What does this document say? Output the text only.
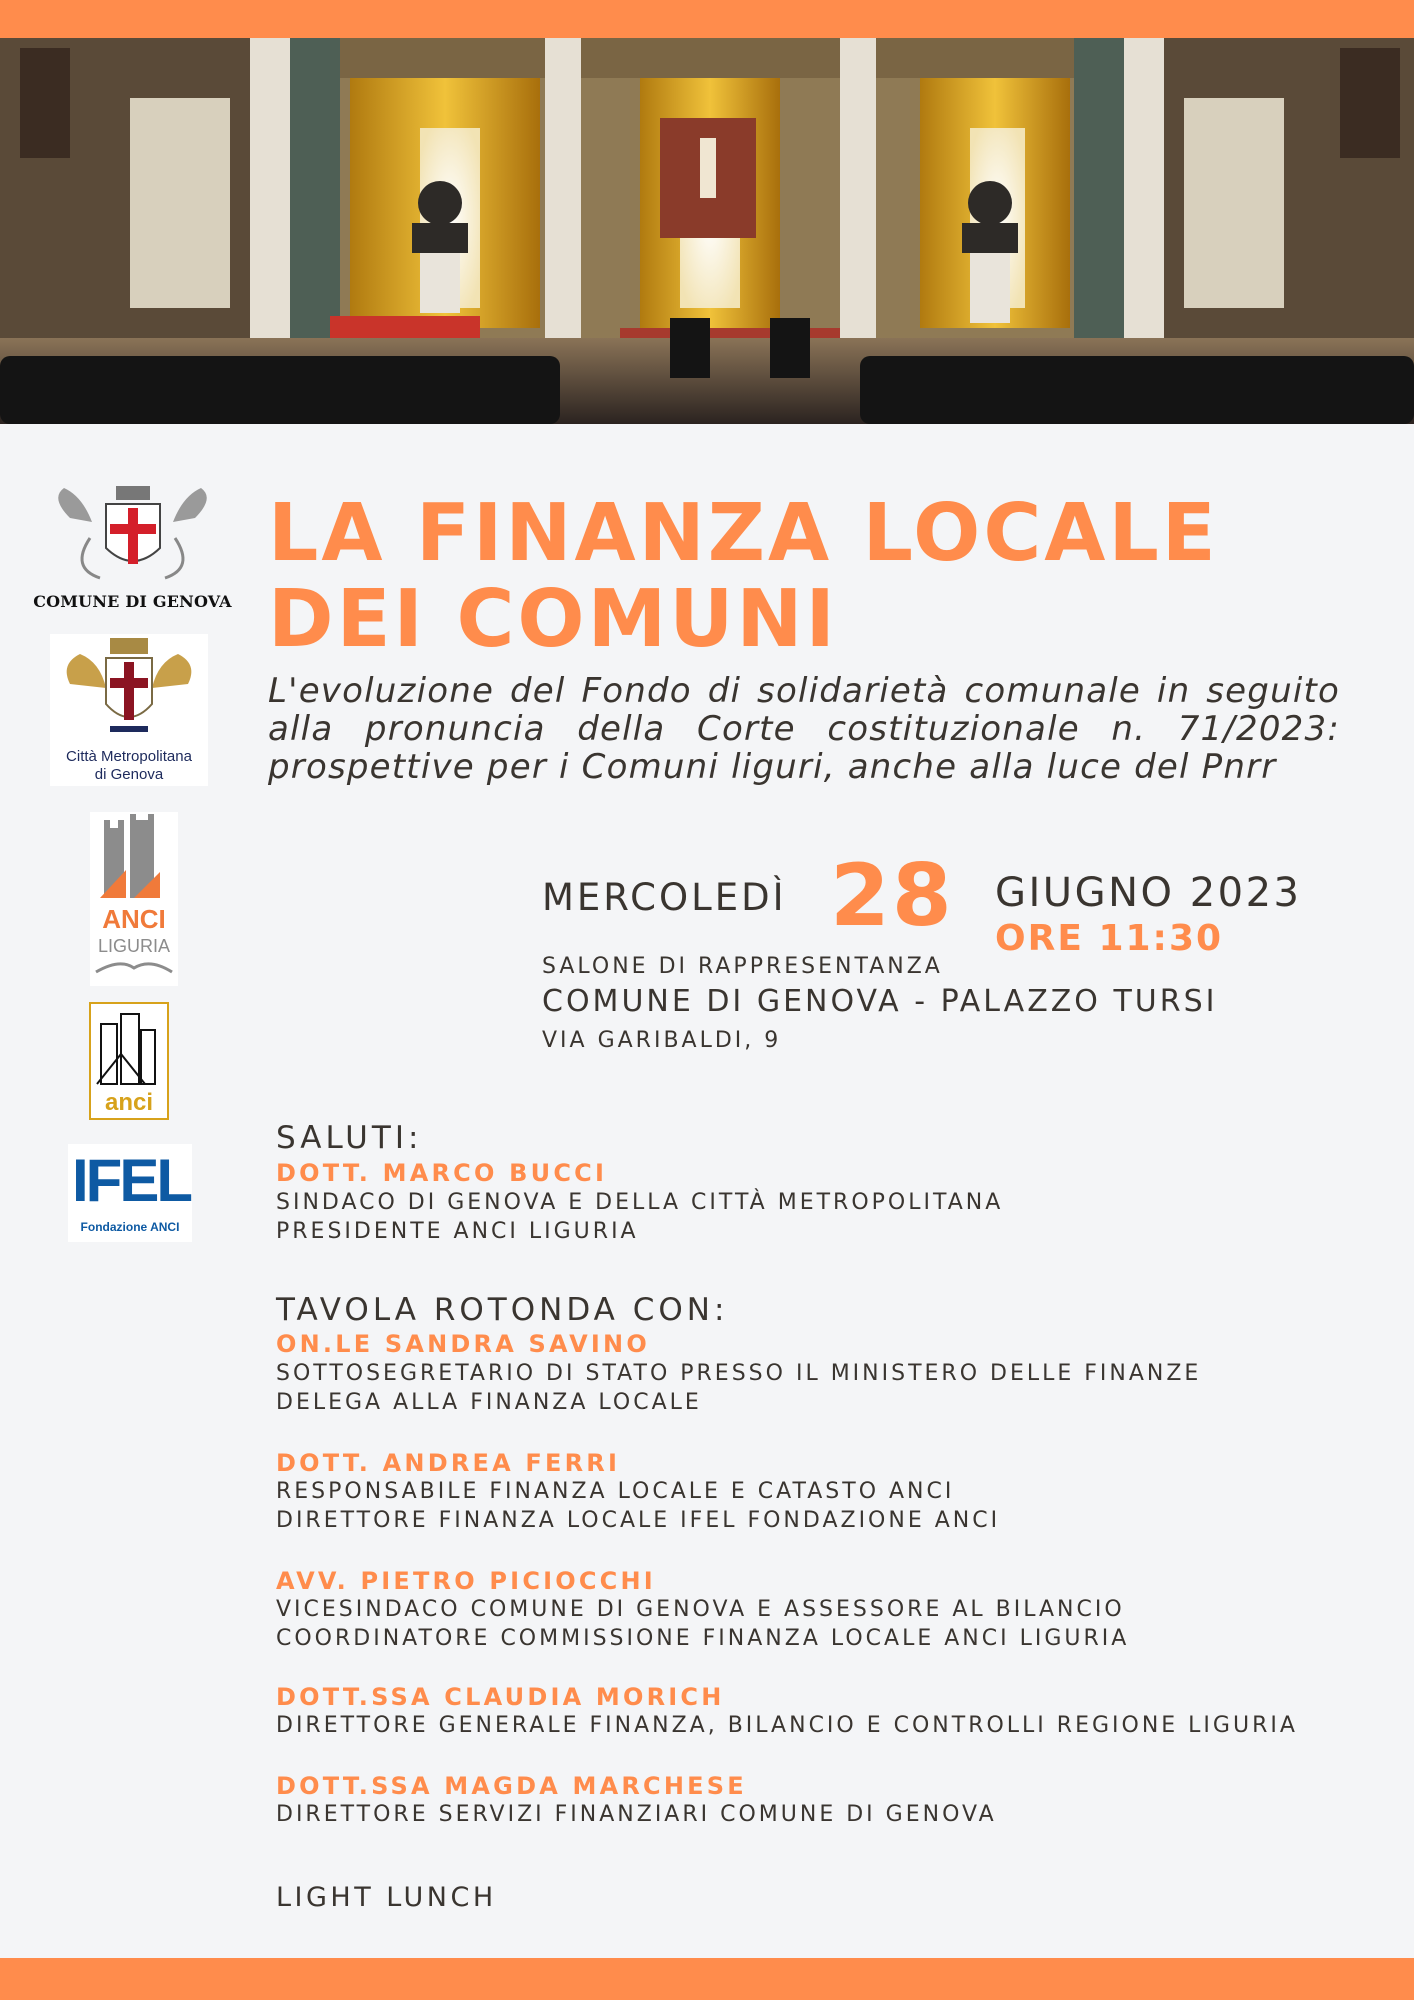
COMUNE DI GENOVA
Città Metropolitana
di Genova
ANCI
LIGURIA
anci
IFEL
Fondazione ANCI
LA FINANZA LOCALE
DEI COMUNI

L'evoluzione del Fondo di solidarietà comunale in seguito alla pronuncia della Corte costituzionale n. 71/2023: prospettive per i Comuni liguri, anche alla luce del Pnrr

MERCOLEDÌ 28 GIUGNO 2023
ORE 11:30
SALONE DI RAPPRESENTANZA
COMUNE DI GENOVA - PALAZZO TURSI
VIA GARIBALDI, 9
SALUTI:
DOTT. MARCO BUCCI
SINDACO DI GENOVA E DELLA CITTÀ METROPOLITANA
PRESIDENTE ANCI LIGURIA
TAVOLA ROTONDA CON:
ON.LE SANDRA SAVINO
SOTTOSEGRETARIO DI STATO PRESSO IL MINISTERO DELLE FINANZE
DELEGA ALLA FINANZA LOCALE
DOTT. ANDREA FERRI
RESPONSABILE FINANZA LOCALE E CATASTO ANCI
DIRETTORE FINANZA LOCALE IFEL FONDAZIONE ANCI
AVV. PIETRO PICIOCCHI
VICESINDACO COMUNE DI GENOVA E ASSESSORE AL BILANCIO
COORDINATORE COMMISSIONE FINANZA LOCALE ANCI LIGURIA
DOTT.SSA CLAUDIA MORICH
DIRETTORE GENERALE FINANZA, BILANCIO E CONTROLLI REGIONE LIGURIA
DOTT.SSA MAGDA MARCHESE
DIRETTORE SERVIZI FINANZIARI COMUNE DI GENOVA
LIGHT LUNCH
